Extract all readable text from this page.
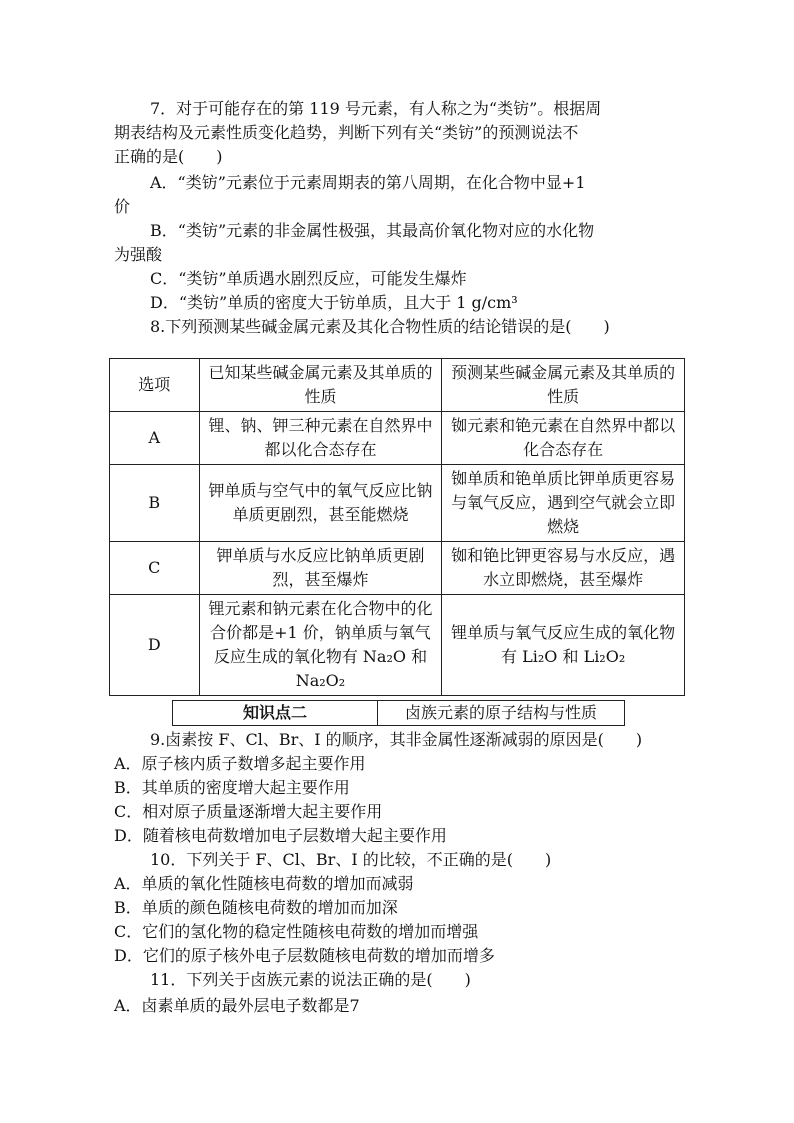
7．对于可能存在的第 119 号元素，有人称之为“类钫”。根据周
期表结构及元素性质变化趋势，判断下列有关“类钫”的预测说法不
正确的是(　　)
A．“类钫”元素位于元素周期表的第八周期，在化合物中显+1
价
B．“类钫”元素的非金属性极强，其最高价氧化物对应的水化物
为强酸
C．“类钫”单质遇水剧烈反应，可能发生爆炸
D．“类钫”单质的密度大于钫单质，且大于 1 g/cm³
8.下列预测某些碱金属元素及其化合物性质的结论错误的是(　　)
选项	已知某些碱金属元素及其单质的性质	预测某些碱金属元素及其单质的性质
A	锂、钠、钾三种元素在自然界中都以化合态存在	铷元素和铯元素在自然界中都以化合态存在
B	钾单质与空气中的氧气反应比钠单质更剧烈，甚至能燃烧	铷单质和铯单质比钾单质更容易与氧气反应，遇到空气就会立即燃烧
C	钾单质与水反应比钠单质更剧烈，甚至爆炸	铷和铯比钾更容易与水反应，遇水立即燃烧，甚至爆炸
D	锂元素和钠元素在化合物中的化合价都是+1 价，钠单质与氧气反应生成的氧化物有 Na₂O 和 Na₂O₂	锂单质与氧气反应生成的氧化物有 Li₂O 和 Li₂O₂
知识点二	卤族元素的原子结构与性质
9.卤素按 F、Cl、Br、I 的顺序，其非金属性逐渐减弱的原因是(　　)
A．原子核内质子数增多起主要作用
B．其单质的密度增大起主要作用
C．相对原子质量逐渐增大起主要作用
D．随着核电荷数增加电子层数增大起主要作用
10．下列关于 F、Cl、Br、I 的比较，不正确的是(　　)
A．单质的氧化性随核电荷数的增加而减弱
B．单质的颜色随核电荷数的增加而加深
C．它们的氢化物的稳定性随核电荷数的增加而增强
D．它们的原子核外电子层数随核电荷数的增加而增多
11．下列关于卤族元素的说法正确的是(　　)
A．卤素单质的最外层电子数都是7
